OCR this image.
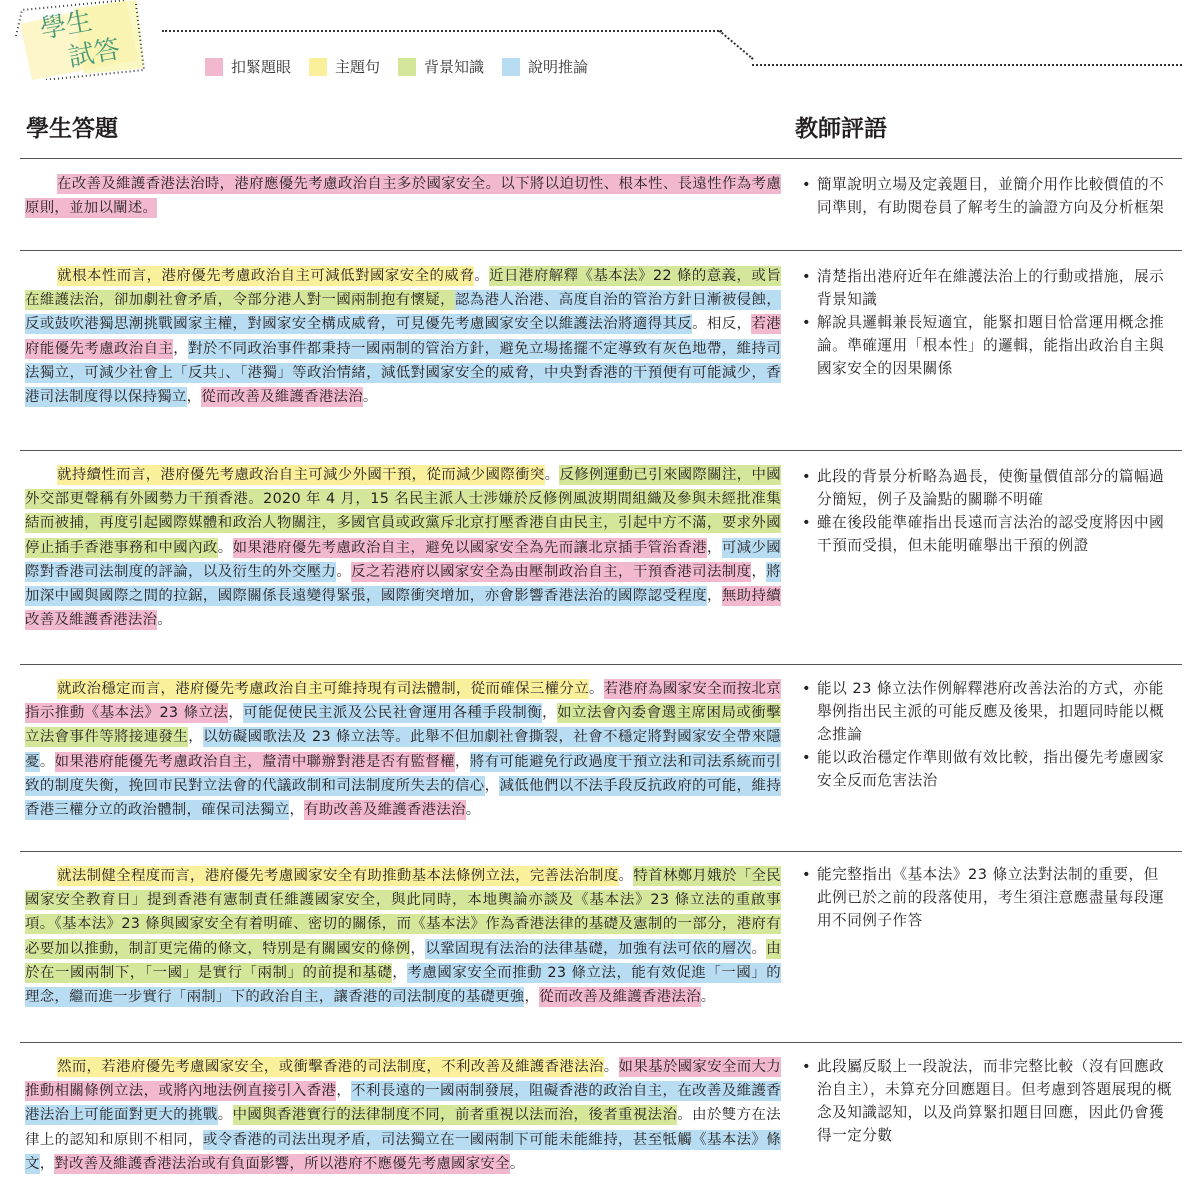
學生
試答	扣緊題眼	主題句	背景知識	說明推論
學生答題	教師評語
在改善及維護香港法治時，港府應優先考慮政治自主多於國家安全。以下將以迫切性、根本性、長遠性作為考慮原則，並加以闡述。
• 簡單說明立場及定義題目，並簡介用作比較價值的不同準則，有助閱卷員了解考生的論證方向及分析框架
就根本性而言，港府優先考慮政治自主可減低對國家安全的威脅。近日港府解釋《基本法》22 條的意義，或旨在維護法治，卻加劇社會矛盾，令部分港人對一國兩制抱有懷疑，認為港人治港、高度自治的管治方針日漸被侵蝕，反或鼓吹港獨思潮挑戰國家主權，對國家安全構成威脅，可見優先考慮國家安全以維護法治將適得其反。相反，若港府能優先考慮政治自主，對於不同政治事件都秉持一國兩制的管治方針，避免立場搖擺不定導致有灰色地帶，維持司法獨立，可減少社會上「反共」、「港獨」等政治情緒，減低對國家安全的威脅，中央對香港的干預便有可能減少，香港司法制度得以保持獨立，從而改善及維護香港法治。
• 清楚指出港府近年在維護法治上的行動或措施，展示背景知識
• 解說具邏輯兼長短適宜，能緊扣題目恰當運用概念推論。準確運用「根本性」的邏輯，能指出政治自主與國家安全的因果關係
就持續性而言，港府優先考慮政治自主可減少外國干預，從而減少國際衝突。反修例運動已引來國際關注，中國外交部更聲稱有外國勢力干預香港。2020 年 4 月，15 名民主派人士涉嫌於反修例風波期間組織及參與未經批准集結而被捕，再度引起國際媒體和政治人物關注，多國官員或政黨斥北京打壓香港自由民主，引起中方不滿，要求外國停止插手香港事務和中國內政。如果港府優先考慮政治自主，避免以國家安全為先而讓北京插手管治香港，可減少國際對香港司法制度的評論，以及衍生的外交壓力。反之若港府以國家安全為由壓制政治自主，干預香港司法制度，將加深中國與國際之間的拉鋸，國際關係長遠變得緊張，國際衝突增加，亦會影響香港法治的國際認受程度，無助持續改善及維護香港法治。
• 此段的背景分析略為過長，使衡量價值部分的篇幅過分簡短，例子及論點的關聯不明確
• 雖在後段能準確指出長遠而言法治的認受度將因中國干預而受損，但未能明確舉出干預的例證
就政治穩定而言，港府優先考慮政治自主可維持現有司法體制，從而確保三權分立。若港府為國家安全而按北京指示推動《基本法》23 條立法，可能促使民主派及公民社會運用各種手段制衡，如立法會內委會選主席困局或衝擊立法會事件等將接連發生，以妨礙國歌法及 23 條立法等。此舉不但加劇社會撕裂，社會不穩定將對國家安全帶來隱憂。如果港府能優先考慮政治自主，釐清中聯辦對港是否有監督權，將有可能避免行政過度干預立法和司法系統而引致的制度失衡，挽回市民對立法會的代議政制和司法制度所失去的信心，減低他們以不法手段反抗政府的可能，維持香港三權分立的政治體制，確保司法獨立，有助改善及維護香港法治。
• 能以 23 條立法作例解釋港府改善法治的方式，亦能舉例指出民主派的可能反應及後果，扣題同時能以概念推論
• 能以政治穩定作準則做有效比較，指出優先考慮國家安全反而危害法治
就法制健全程度而言，港府優先考慮國家安全有助推動基本法條例立法，完善法治制度。特首林鄭月娥於「全民國家安全教育日」提到香港有憲制責任維護國家安全，與此同時，本地輿論亦談及《基本法》23 條立法的重啟事項。《基本法》23 條與國家安全有着明確、密切的關係，而《基本法》作為香港法律的基礎及憲制的一部分，港府有必要加以推動，制訂更完備的條文，特別是有關國安的條例，以鞏固現有法治的法律基礎，加強有法可依的層次。由於在一國兩制下，「一國」是實行「兩制」的前提和基礎，考慮國家安全而推動 23 條立法，能有效促進「一國」的理念，繼而進一步實行「兩制」下的政治自主，讓香港的司法制度的基礎更強，從而改善及維護香港法治。
• 能完整指出《基本法》23 條立法對法制的重要，但此例已於之前的段落使用，考生須注意應盡量每段運用不同例子作答
然而，若港府優先考慮國家安全，或衝擊香港的司法制度，不利改善及維護香港法治。如果基於國家安全而大力推動相關條例立法，或將內地法例直接引入香港，不利長遠的一國兩制發展，阻礙香港的政治自主，在改善及維護香港法治上可能面對更大的挑戰。中國與香港實行的法律制度不同，前者重視以法而治，後者重視法治。由於雙方在法律上的認知和原則不相同，或令香港的司法出現矛盾，司法獨立在一國兩制下可能未能維持，甚至牴觸《基本法》條文，對改善及維護香港法治或有負面影響，所以港府不應優先考慮國家安全。
• 此段屬反駁上一段說法，而非完整比較（沒有回應政治自主），未算充分回應題目。但考慮到答題展現的概念及知識認知，以及尚算緊扣題目回應，因此仍會獲得一定分數
